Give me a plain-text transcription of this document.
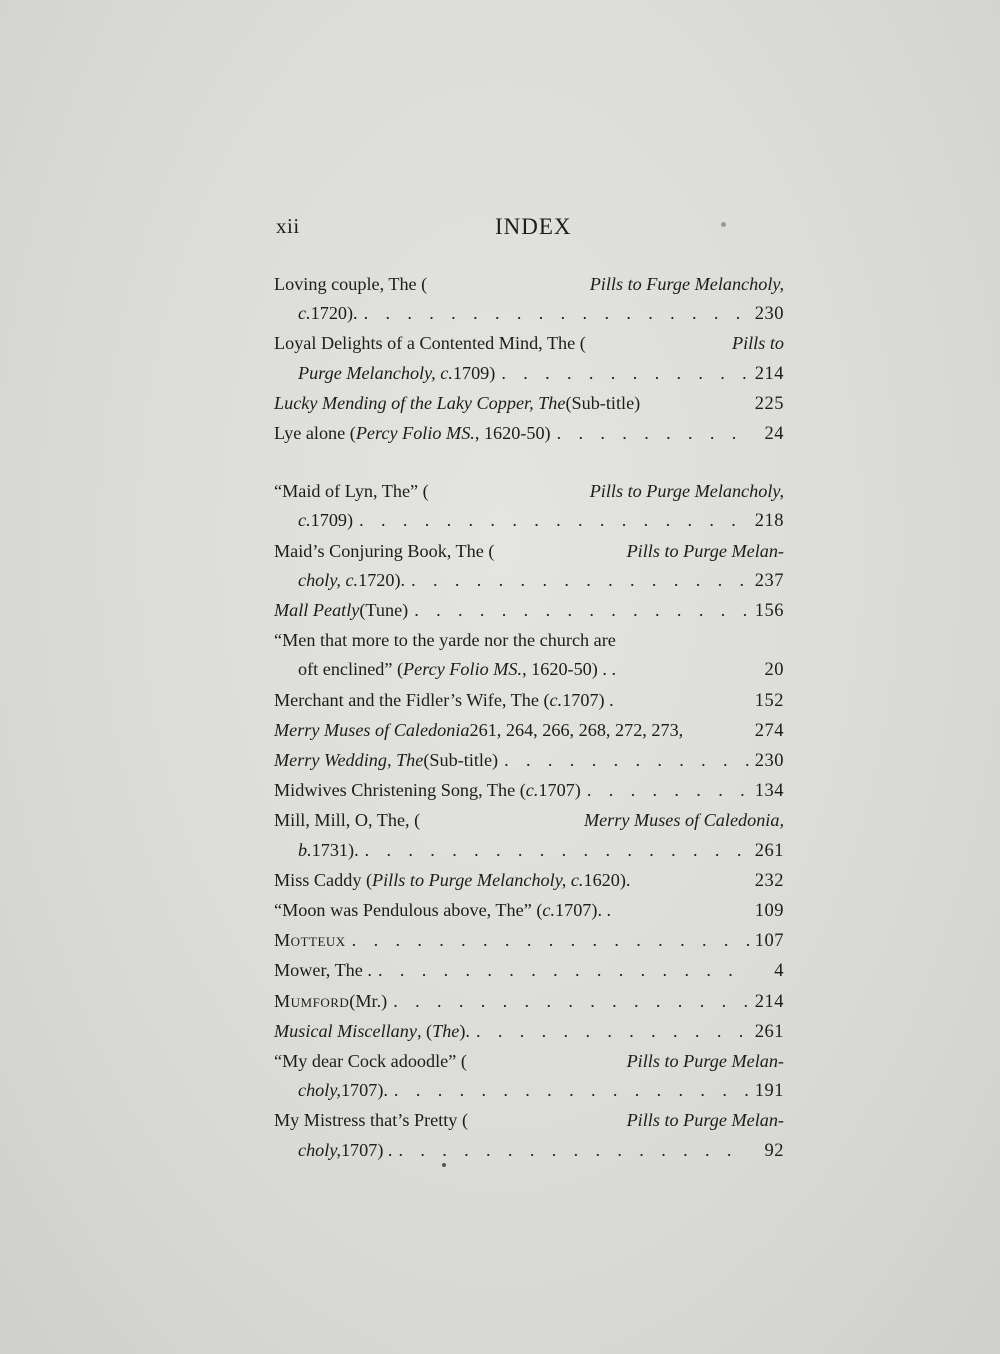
xii	INDEX
Loving couple, The (	Pills to Furge Melancholy,
c. 1720). . . .	230
Loyal Delights of a Contented Mind, The (	Pills to
Purge Melancholy, c. 1709) . . .	214
Lucky Mending of the Laky Copper, The (Sub-title)	225
Lye alone ( Percy Folio MS. , 1620-50) . . .	24
“Maid of Lyn, The” (	Pills to Purge Melancholy,
c. 1709) . . .	218
Maid’s Conjuring Book, The (	Pills to Purge Melan-
choly, c. 1720). . . .	237
Mall Peatly (Tune) . . .	156
“Men that more to the yarde nor the church are
oft enclined” ( Percy Folio MS. , 1620-50) . .	20
Merchant and the Fidler’s Wife, The ( c. 1707) .	152
Merry Muses of Caledonia 261, 264, 266, 268, 272, 273,	274
Merry Wedding, The (Sub-title) . . .	230
Midwives Christening Song, The ( c. 1707) . . .	134
Mill, Mill, O, The, (	Merry Muses of Caledonia,
b. 1731). . . .	261
Miss Caddy ( Pills to Purge Melancholy, c. 1620).	232
“Moon was Pendulous above, The” ( c. 1707). .	109
Motteux . . .	107
Mower, The . . . .	4
Mumford (Mr.) . . .	214
Musical Miscellany , ( The ). . . .	261
“My dear Cock adoodle” (	Pills to Purge Melan-
choly, 1707). . . .	191
My Mistress that’s Pretty (	Pills to Purge Melan-
choly, 1707) . . . .	92
